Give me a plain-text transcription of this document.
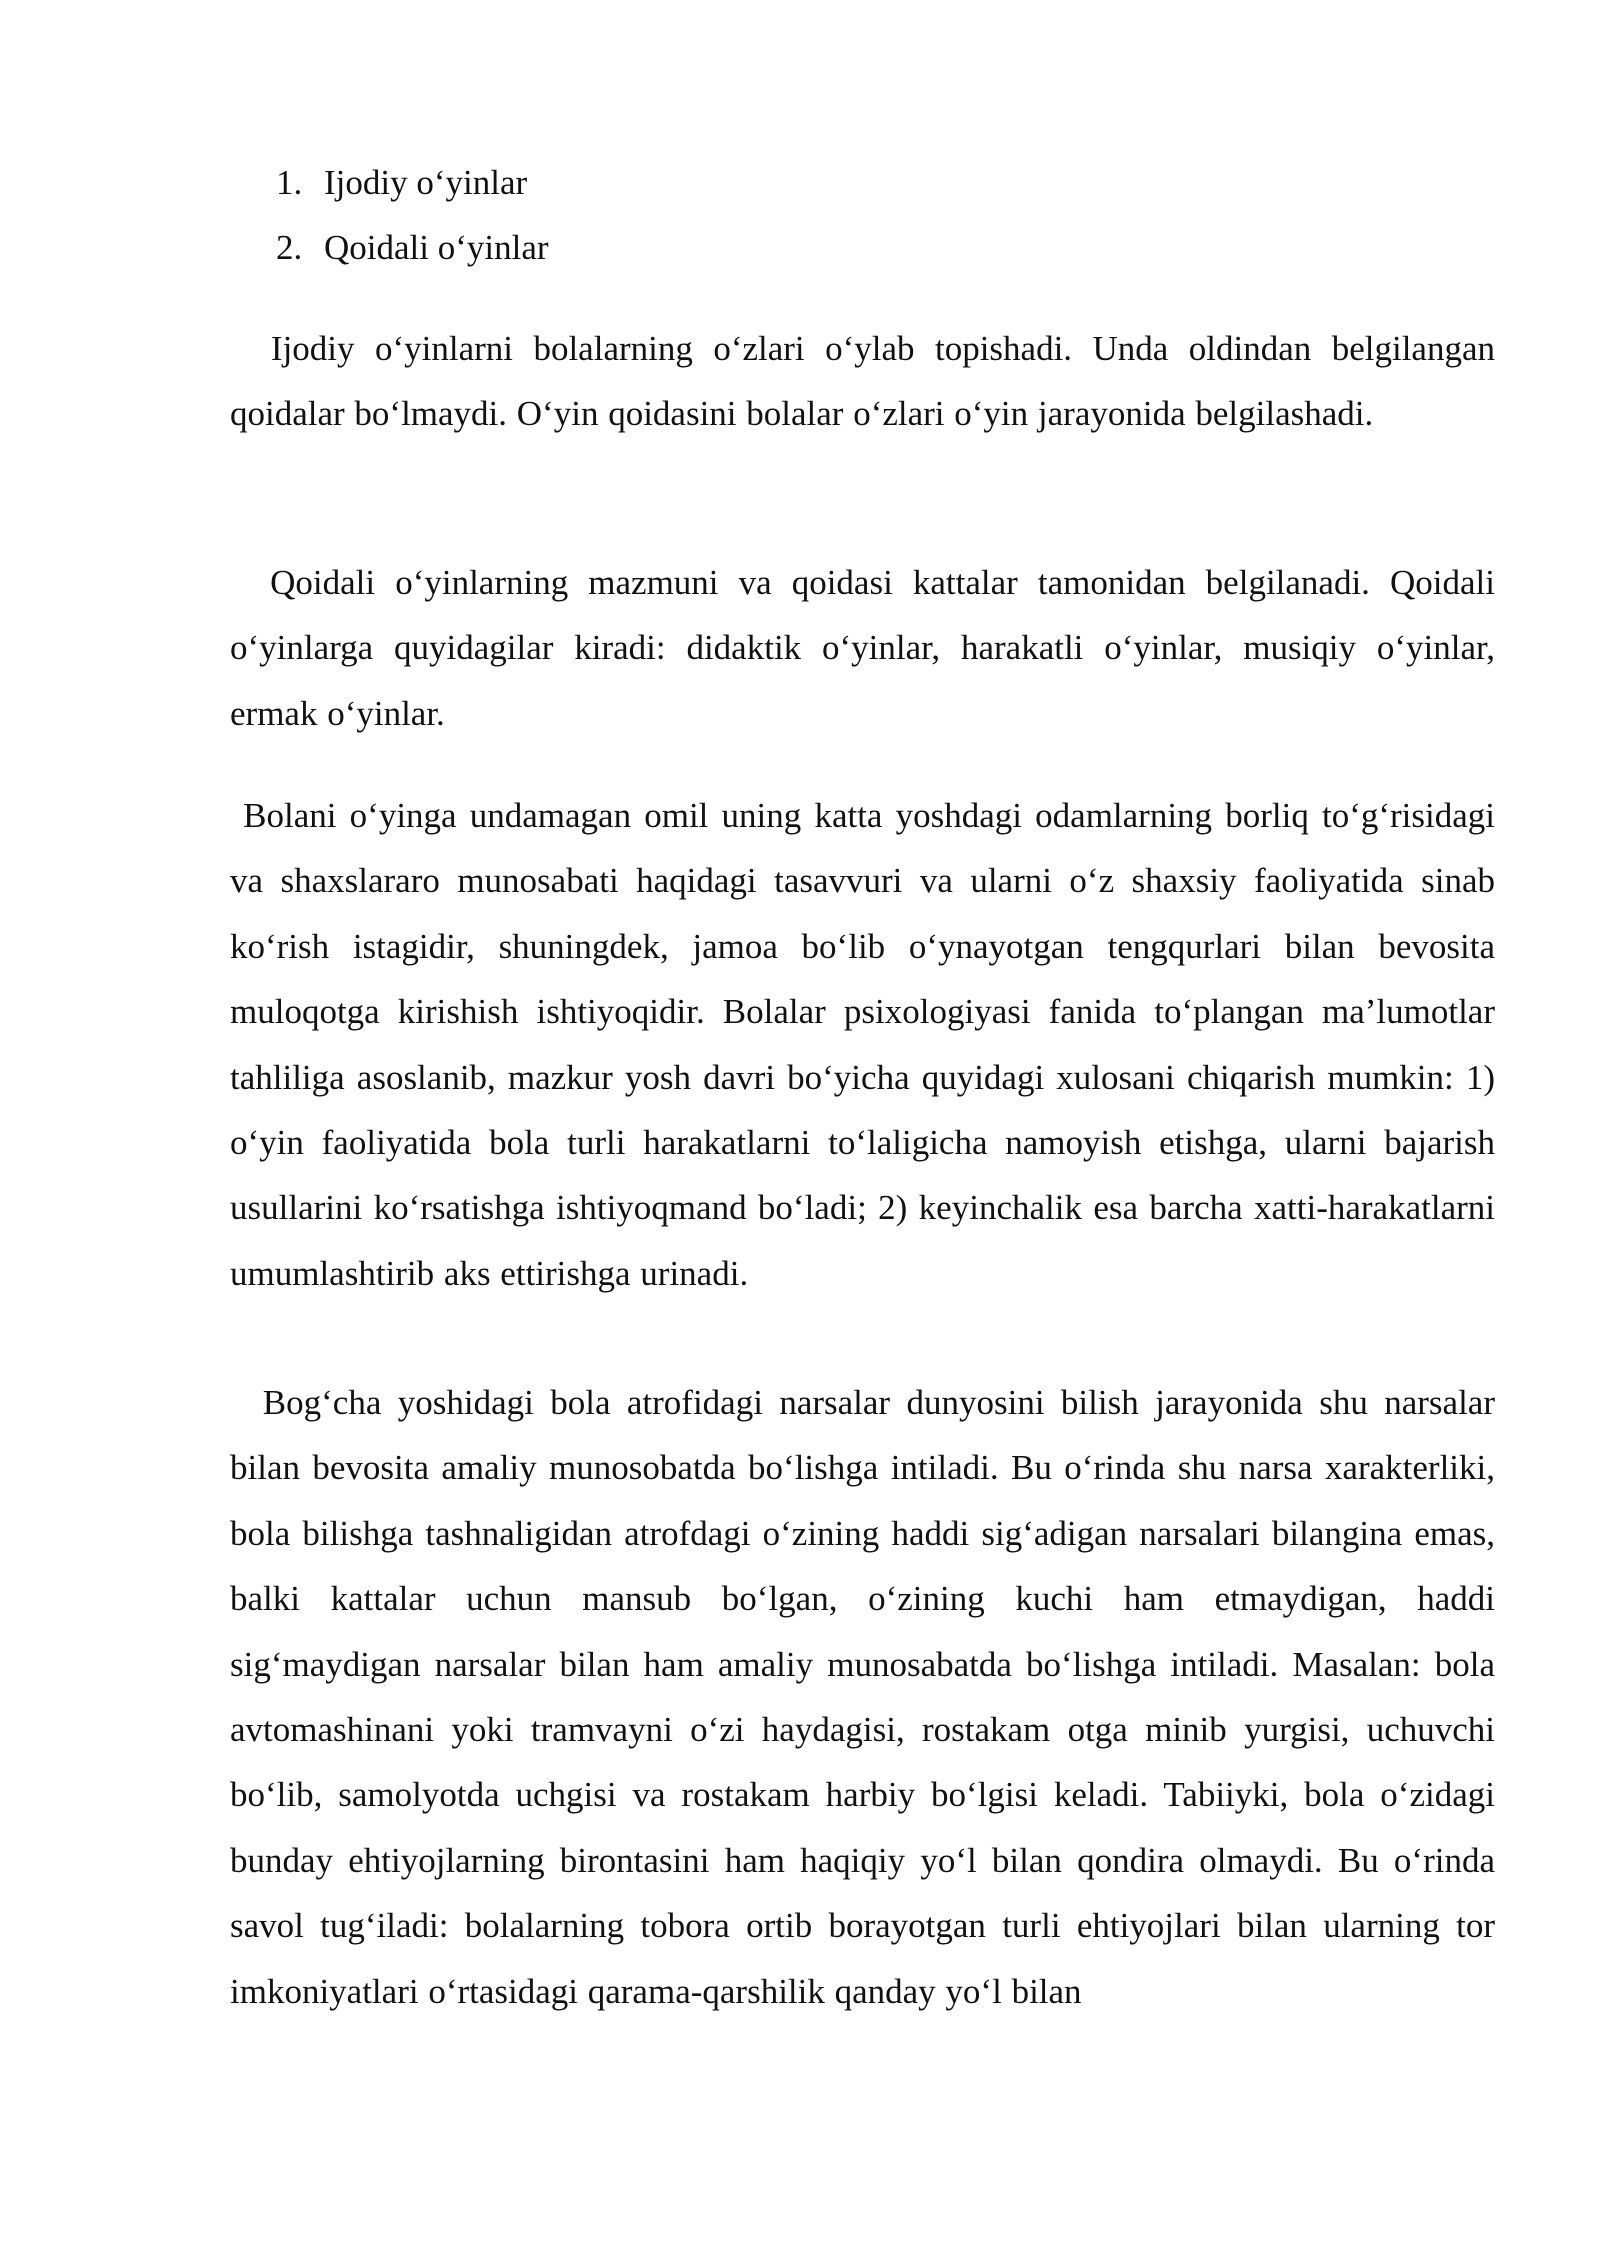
1. Ijodiy o‘yinlar
2. Qoidali o‘yinlar

Ijodiy o‘yinlarni bolalarning o‘zlari o‘ylab topishadi. Unda oldindan belgilangan qoidalar bo‘lmaydi. O‘yin qoidasini bolalar o‘zlari o‘yin jarayonida belgilashadi.

Qoidali o‘yinlarning mazmuni va qoidasi kattalar tamonidan belgilanadi. Qoidali o‘yinlarga quyidagilar kiradi: didaktik o‘yinlar, harakatli o‘yinlar, musiqiy o‘yinlar, ermak o‘yinlar.

Bolani o‘yinga undamagan omil uning katta yoshdagi odamlarning borliq to‘g‘risidagi va shaxslararo munosabati haqidagi tasavvuri va ularni o‘z shaxsiy faoliyatida sinab ko‘rish istagidir, shuningdek, jamoa bo‘lib o‘ynayotgan tengqurlari bilan bevosita muloqotga kirishish ishtiyoqidir. Bolalar psixologiyasi fanida to‘plangan ma’lumotlar tahliliga asoslanib, mazkur yosh davri bo‘yicha quyidagi xulosani chiqarish mumkin: 1) o‘yin faoliyatida bola turli harakatlarni to‘laligicha namoyish etishga, ularni bajarish usullarini ko‘rsatishga ishtiyoqmand bo‘ladi; 2) keyinchalik esa barcha xatti-harakatlarni umumlashtirib aks ettirishga urinadi.

Bog‘cha yoshidagi bola atrofidagi narsalar dunyosini bilish jarayonida shu narsalar bilan bevosita amaliy munosobatda bo‘lishga intiladi. Bu o‘rinda shu narsa xarakterliki, bola bilishga tashnaligidan atrofdagi o‘zining haddi sig‘adigan narsalari bilangina emas, balki kattalar uchun mansub bo‘lgan, o‘zining kuchi ham etmaydigan, haddi sig‘maydigan narsalar bilan ham amaliy munosabatda bo‘lishga intiladi. Masalan: bola avtomashinani yoki tramvayni o‘zi haydagisi, rostakam otga minib yurgisi, uchuvchi bo‘lib, samolyotda uchgisi va rostakam harbiy bo‘lgisi keladi. Tabiiyki, bola o‘zidagi bunday ehtiyojlarning birontasini ham haqiqiy yo‘l bilan qondira olmaydi. Bu o‘rinda savol tug‘iladi: bolalarning tobora ortib borayotgan turli ehtiyojlari bilan ularning tor imkoniyatlari o‘rtasidagi qarama-qarshilik qanday yo‘l bilan
